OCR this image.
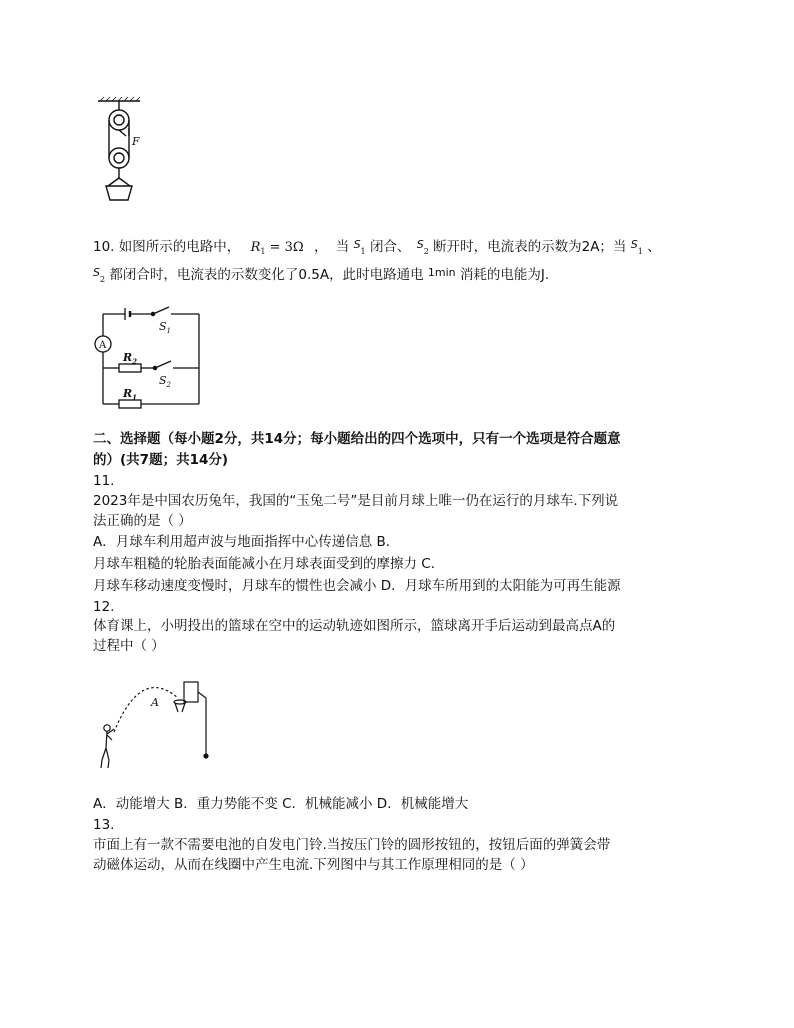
F
10. 如图所示的电路中， $R_1 = 3\Omega$ ， 当 $^S_1$ 闭合、 $^S_2$ 断开时，电流表的示数为2A；当 $^S_1$ 、
$^S_2$ 都闭合时，电流表的示数变化了0.5A，此时电路通电 $^{1min}$ 消耗的电能为J.
A
$S_1$
$R_2$
$S_2$
$R_1$
二、选择题（每小题2分，共14分；每小题给出的四个选项中，只有一个选项是符合题意
的）(共7题；共14分)
11.
2023年是中国农历兔年，我国的“玉兔二号”是目前月球上唯一仍在运行的月球车.下列说
法正确的是（ ）
A．月球车利用超声波与地面指挥中心传递信息 B．
月球车粗糙的轮胎表面能减小在月球表面受到的摩擦力 C．
月球车移动速度变慢时，月球车的惯性也会减小 D．月球车所用到的太阳能为可再生能源
12.
体育课上，小明投出的篮球在空中的运动轨迹如图所示，篮球离开手后运动到最高点A的
过程中（ ）
A
A．动能增大 B．重力势能不变 C．机械能减小 D．机械能增大
13.
市面上有一款不需要电池的自发电门铃.当按压门铃的圆形按钮的，按钮后面的弹簧会带
动磁体运动，从而在线圈中产生电流.下列图中与其工作原理相同的是（ ）
